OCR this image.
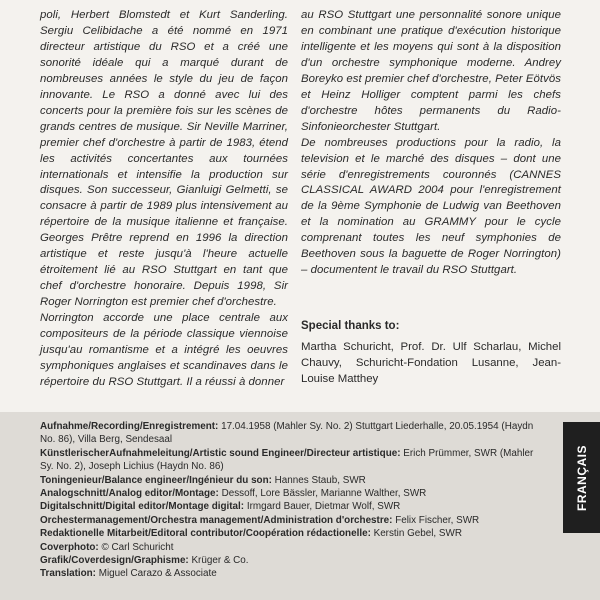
poli, Herbert Blomstedt et Kurt Sanderling. Sergiu Celibidache a été nommé en 1971 directeur artistique du RSO et a créé une sonorité idéale qui a marqué durant de nombreuses années le style du jeu de façon innovante. Le RSO a donné avec lui des concerts pour la première fois sur les scènes de grands centres de musique. Sir Neville Marriner, premier chef d'orchestre à partir de 1983, étend les activités concertantes aux tournées internationals et intensifie la production sur disques. Son successeur, Gianluigi Gelmetti, se consacre à partir de 1989 plus intensivement au répertoire de la musique italienne et française. Georges Prêtre reprend en 1996 la direction artistique et reste jusqu'à l'heure actuelle étroitement lié au RSO Stuttgart en tant que chef d'orchestre honoraire. Depuis 1998, Sir Roger Norrington est premier chef d'orchestre.

Norrington accorde une place centrale aux compositeurs de la période classique viennoise jusqu'au romantisme et a intégré les oeuvres symphoniques anglaises et scandinaves dans le répertoire du RSO Stuttgart. Il a réussi à donner

au RSO Stuttgart une personnalité sonore unique en combinant une pratique d'exécution historique intelligente et les moyens qui sont à la disposition d'un orchestre symphonique moderne. Andrey Boreyko est premier chef d'orchestre, Peter Eötvös et Heinz Holliger comptent parmi les chefs d'orchestre hôtes permanents du Radio-Sinfonieorchester Stuttgart.

De nombreuses productions pour la radio, la television et le marché des disques – dont une série d'enregistrements couronnés (CANNES CLASSICAL AWARD 2004 pour l'enregistrement de la 9ème Symphonie de Ludwig van Beethoven et la nomination au GRAMMY pour le cycle comprenant toutes les neuf symphonies de Beethoven sous la baguette de Roger Norrington) – documentent le travail du RSO Stuttgart.

Special thanks to:

Martha Schuricht, Prof. Dr. Ulf Scharlau, Michel Chauvy, Schuricht-Fondation Lusanne, Jean-Louise Matthey

Aufnahme/Recording/Enregistrement: 17.04.1958 (Mahler Sy. No. 2) Stuttgart Liederhalle, 20.05.1954 (Haydn No. 86), Villa Berg, Sendesaal

KünstlerischerAufnahmeleitung/Artistic sound Engineer/Directeur artistique: Erich Prümmer, SWR (Mahler Sy. No. 2), Joseph Lichius (Haydn No. 86)

Toningenieur/Balance engineer/Ingénieur du son: Hannes Staub, SWR

Analogschnitt/Analog editor/Montage: Dessoff, Lore Bässler, Marianne Walther, SWR

Digitalschnitt/Digital editor/Montage digital: Irmgard Bauer, Dietmar Wolf, SWR

Orchestermanagement/Orchestra management/Administration d'orchestre: Felix Fischer, SWR

Redaktionelle Mitarbeit/Editoral contributor/Coopération rédactionelle: Kerstin Gebel, SWR

Coverphoto: © Carl Schuricht

Grafik/Coverdesign/Graphisme: Krüger & Co.

Translation: Miguel Carazo & Associate

FRANÇAIS
